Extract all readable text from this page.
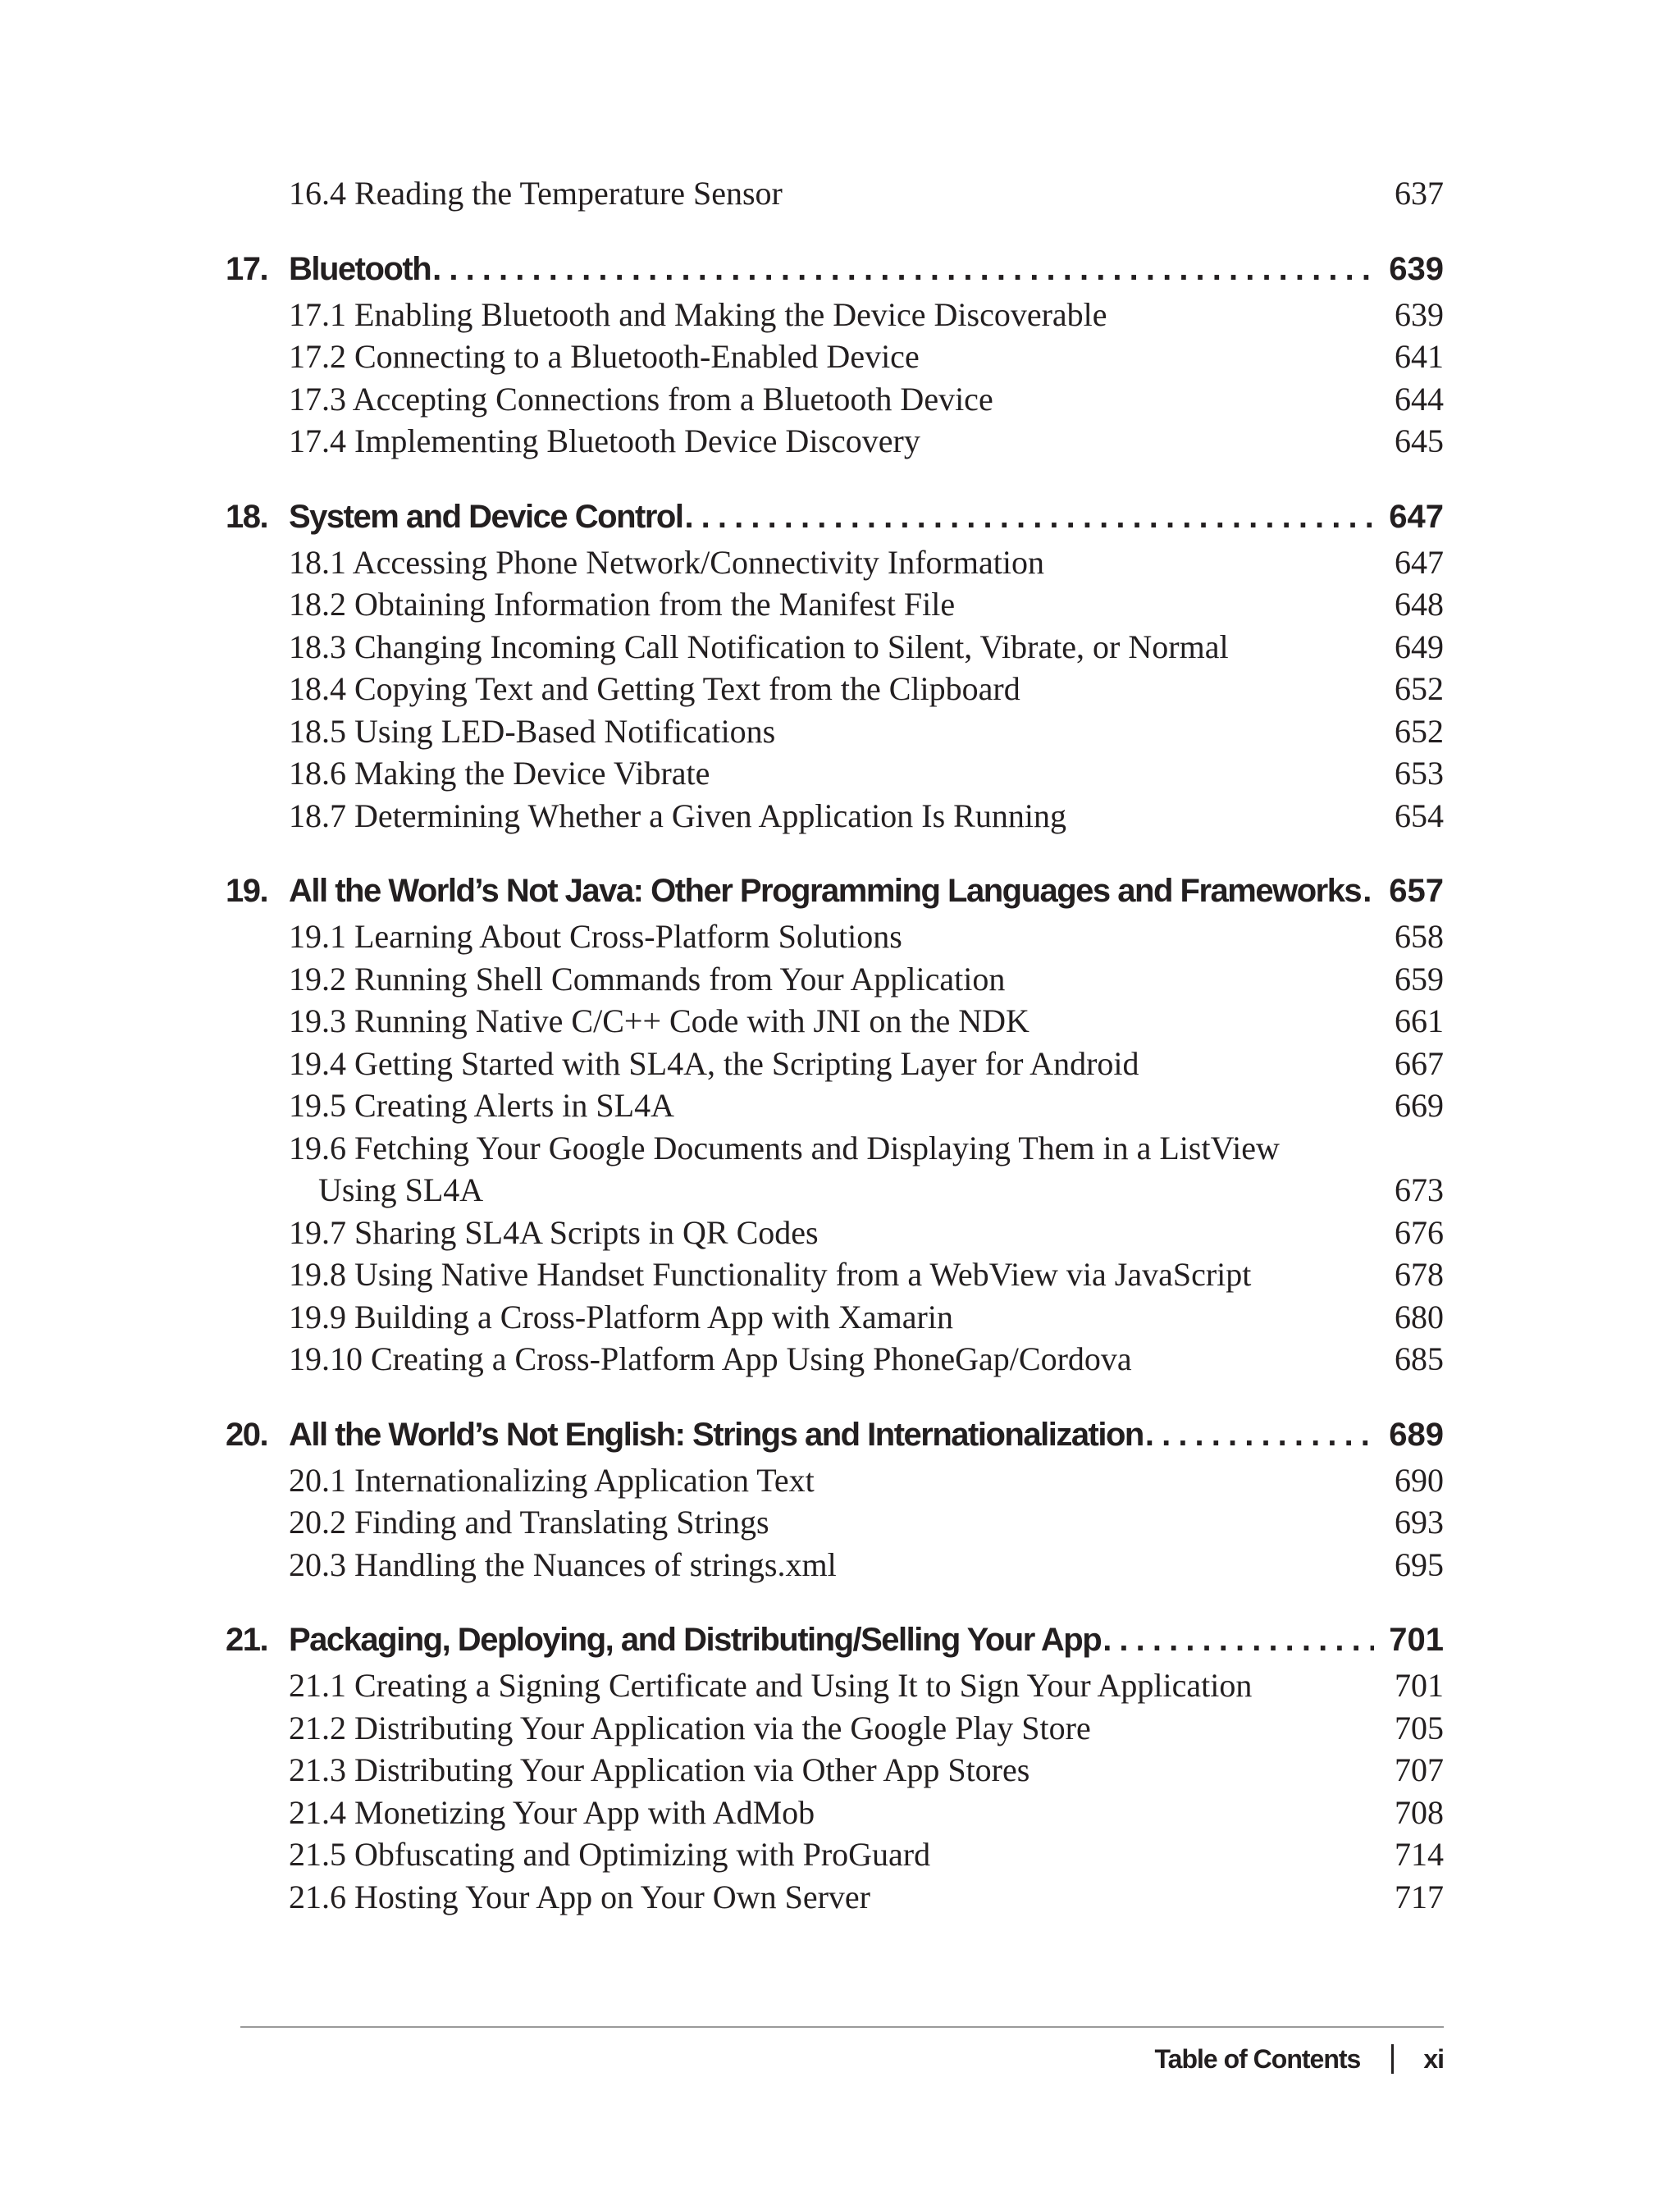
16.4 Reading the Temperature Sensor	637
17. Bluetooth . . .	639
17.1 Enabling Bluetooth and Making the Device Discoverable	639
17.2 Connecting to a Bluetooth-Enabled Device	641
17.3 Accepting Connections from a Bluetooth Device	644
17.4 Implementing Bluetooth Device Discovery	645
18. System and Device Control . . .	647
18.1 Accessing Phone Network/Connectivity Information	647
18.2 Obtaining Information from the Manifest File	648
18.3 Changing Incoming Call Notification to Silent, Vibrate, or Normal	649
18.4 Copying Text and Getting Text from the Clipboard	652
18.5 Using LED-Based Notifications	652
18.6 Making the Device Vibrate	653
18.7 Determining Whether a Given Application Is Running	654
19. All the World’s Not Java: Other Programming Languages and Frameworks . . . 657
19.1 Learning About Cross-Platform Solutions	658
19.2 Running Shell Commands from Your Application	659
19.3 Running Native C/C++ Code with JNI on the NDK	661
19.4 Getting Started with SL4A, the Scripting Layer for Android	667
19.5 Creating Alerts in SL4A	669
19.6 Fetching Your Google Documents and Displaying Them in a ListView
Using SL4A	673
19.7 Sharing SL4A Scripts in QR Codes	676
19.8 Using Native Handset Functionality from a WebView via JavaScript	678
19.9 Building a Cross-Platform App with Xamarin	680
19.10 Creating a Cross-Platform App Using PhoneGap/Cordova	685
20. All the World’s Not English: Strings and Internationalization . . .	689
20.1 Internationalizing Application Text	690
20.2 Finding and Translating Strings	693
20.3 Handling the Nuances of strings.xml	695
21. Packaging, Deploying, and Distributing/Selling Your App . . .	701
21.1 Creating a Signing Certificate and Using It to Sign Your Application	701
21.2 Distributing Your Application via the Google Play Store	705
21.3 Distributing Your Application via Other App Stores	707
21.4 Monetizing Your App with AdMob	708
21.5 Obfuscating and Optimizing with ProGuard	714
21.6 Hosting Your App on Your Own Server	717
Table of Contents xi
